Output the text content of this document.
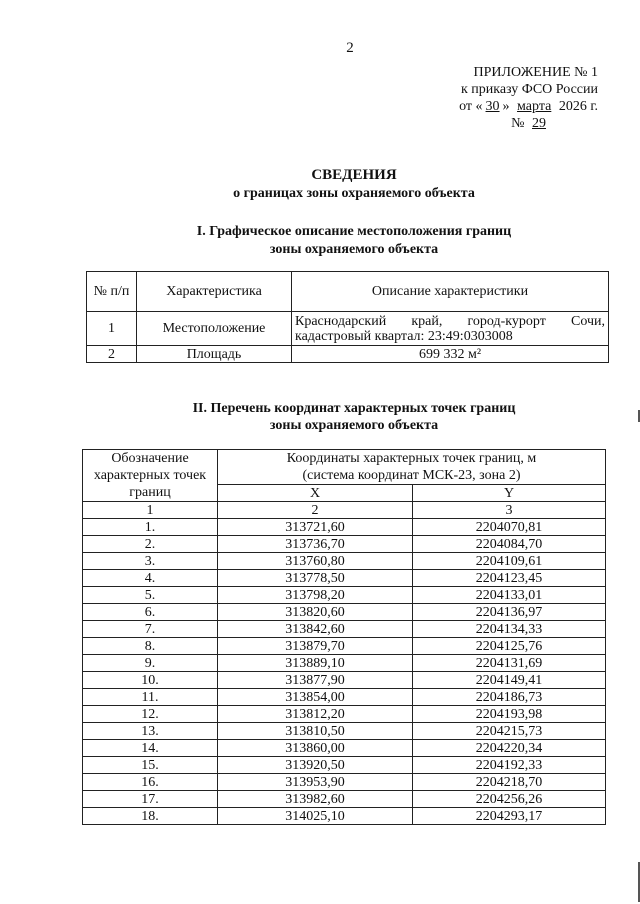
2
ПРИЛОЖЕНИЕ № 1
к приказу ФСО России
от « 30 » марта 2026 г.
№ 29
СВЕДЕНИЯ
о границах зоны охраняемого объекта
I. Графическое описание местоположения границ
зоны охраняемого объекта
№ п/п	Характеристика	Описание характеристики
1	Местоположение	Краснодарский край, город-курорт Сочи,
кадастровый квартал: 23:49:0303008

2	Площадь	699 332 м²
II. Перечень координат характерных точек границ
зоны охраняемого объекта
Обозначение характерных точек границ	Координаты характерных точек границ, м
(система координат МСК-23, зона 2)	

	X	Y
1	2	3
1.	313721,60	2204070,81
2.	313736,70	2204084,70
3.	313760,80	2204109,61
4.	313778,50	2204123,45
5.	313798,20	2204133,01
6.	313820,60	2204136,97
7.	313842,60	2204134,33
8.	313879,70	2204125,76
9.	313889,10	2204131,69
10.	313877,90	2204149,41
11.	313854,00	2204186,73
12.	313812,20	2204193,98
13.	313810,50	2204215,73
14.	313860,00	2204220,34
15.	313920,50	2204192,33
16.	313953,90	2204218,70
17.	313982,60	2204256,26
18.	314025,10	2204293,17
